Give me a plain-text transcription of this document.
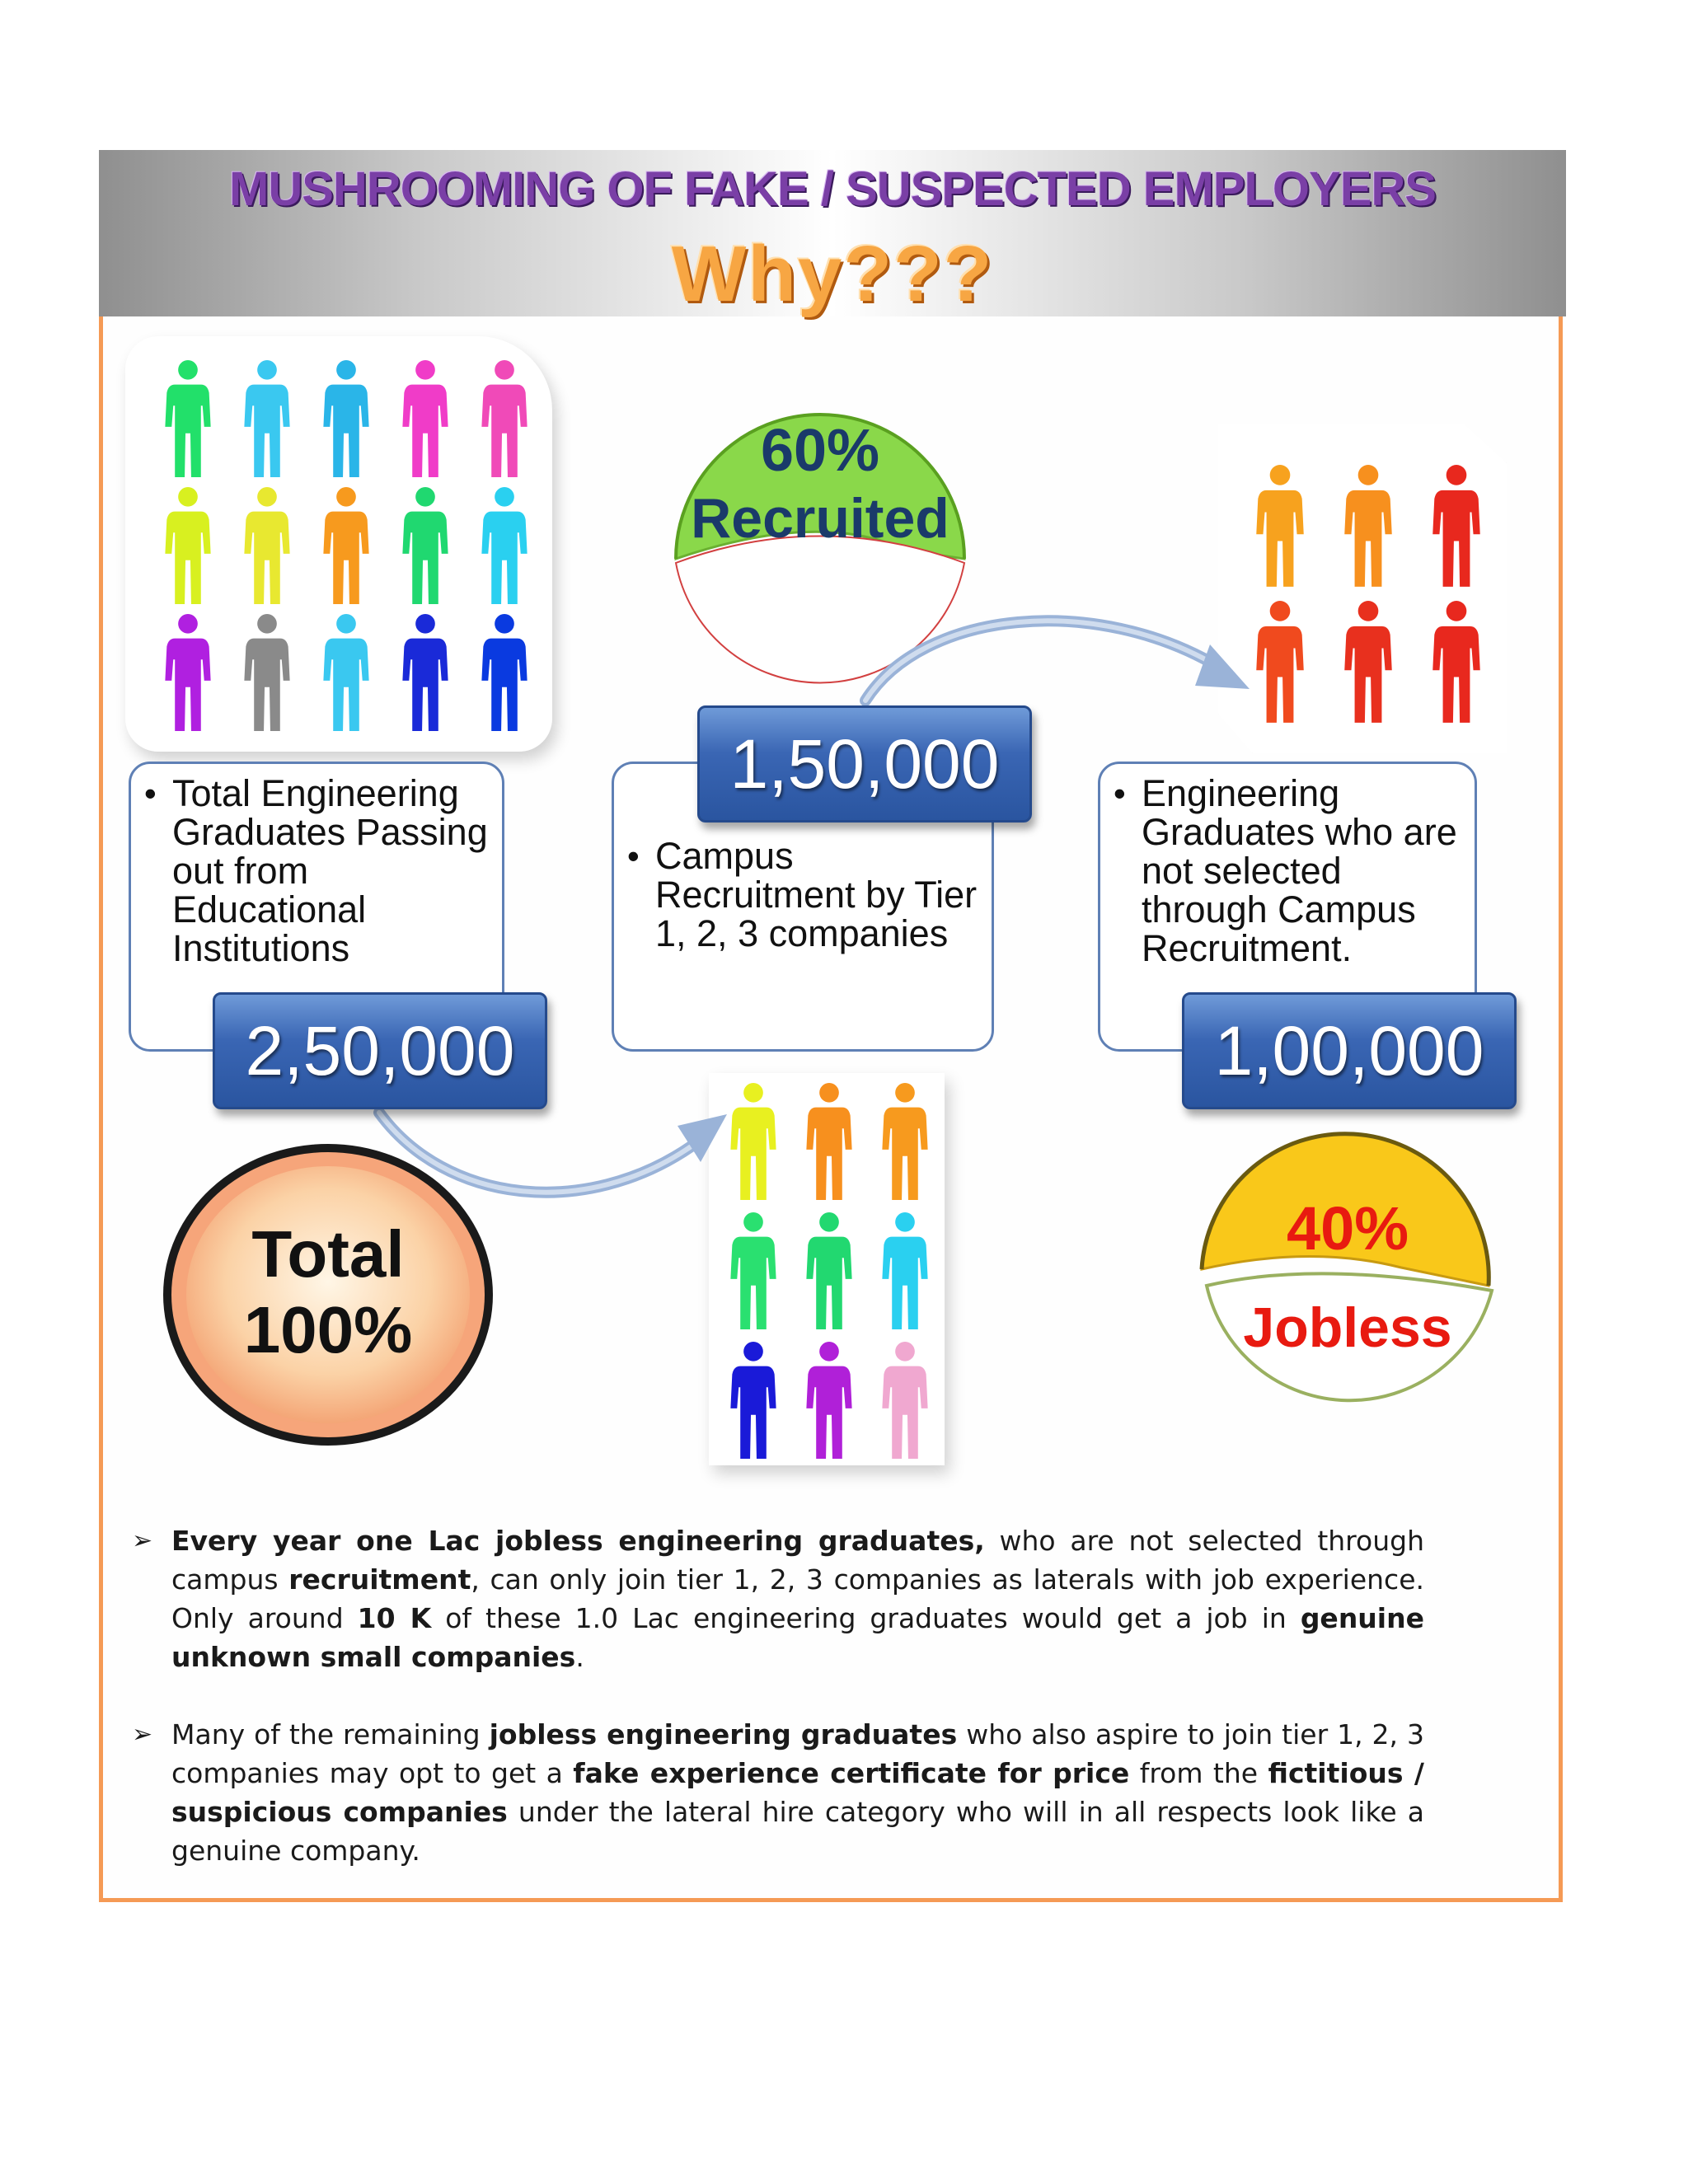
MUSHROOMING OF FAKE / SUSPECTED EMPLOYERS
Why???
60%
Recruited
• Total Engineering Graduates Passing out from Educational Institutions
• Campus Recruitment by Tier 1, 2, 3 companies
• Engineering Graduates who are not selected through Campus Recruitment.
2,50,000
1,50,000
1,00,000
Total
100%
40%
Jobless
➢ Every year one Lac jobless engineering graduates, who are not selected through campus recruitment, can only join tier 1, 2, 3 companies as laterals with job experience. Only around 10 K of these 1.0 Lac engineering graduates would get a job in genuine unknown small companies.
➢ Many of the remaining jobless engineering graduates who also aspire to join tier 1, 2, 3 companies may opt to get a fake experience certificate for price from the fictitious / suspicious companies under the lateral hire category who will in all respects look like a genuine company.
